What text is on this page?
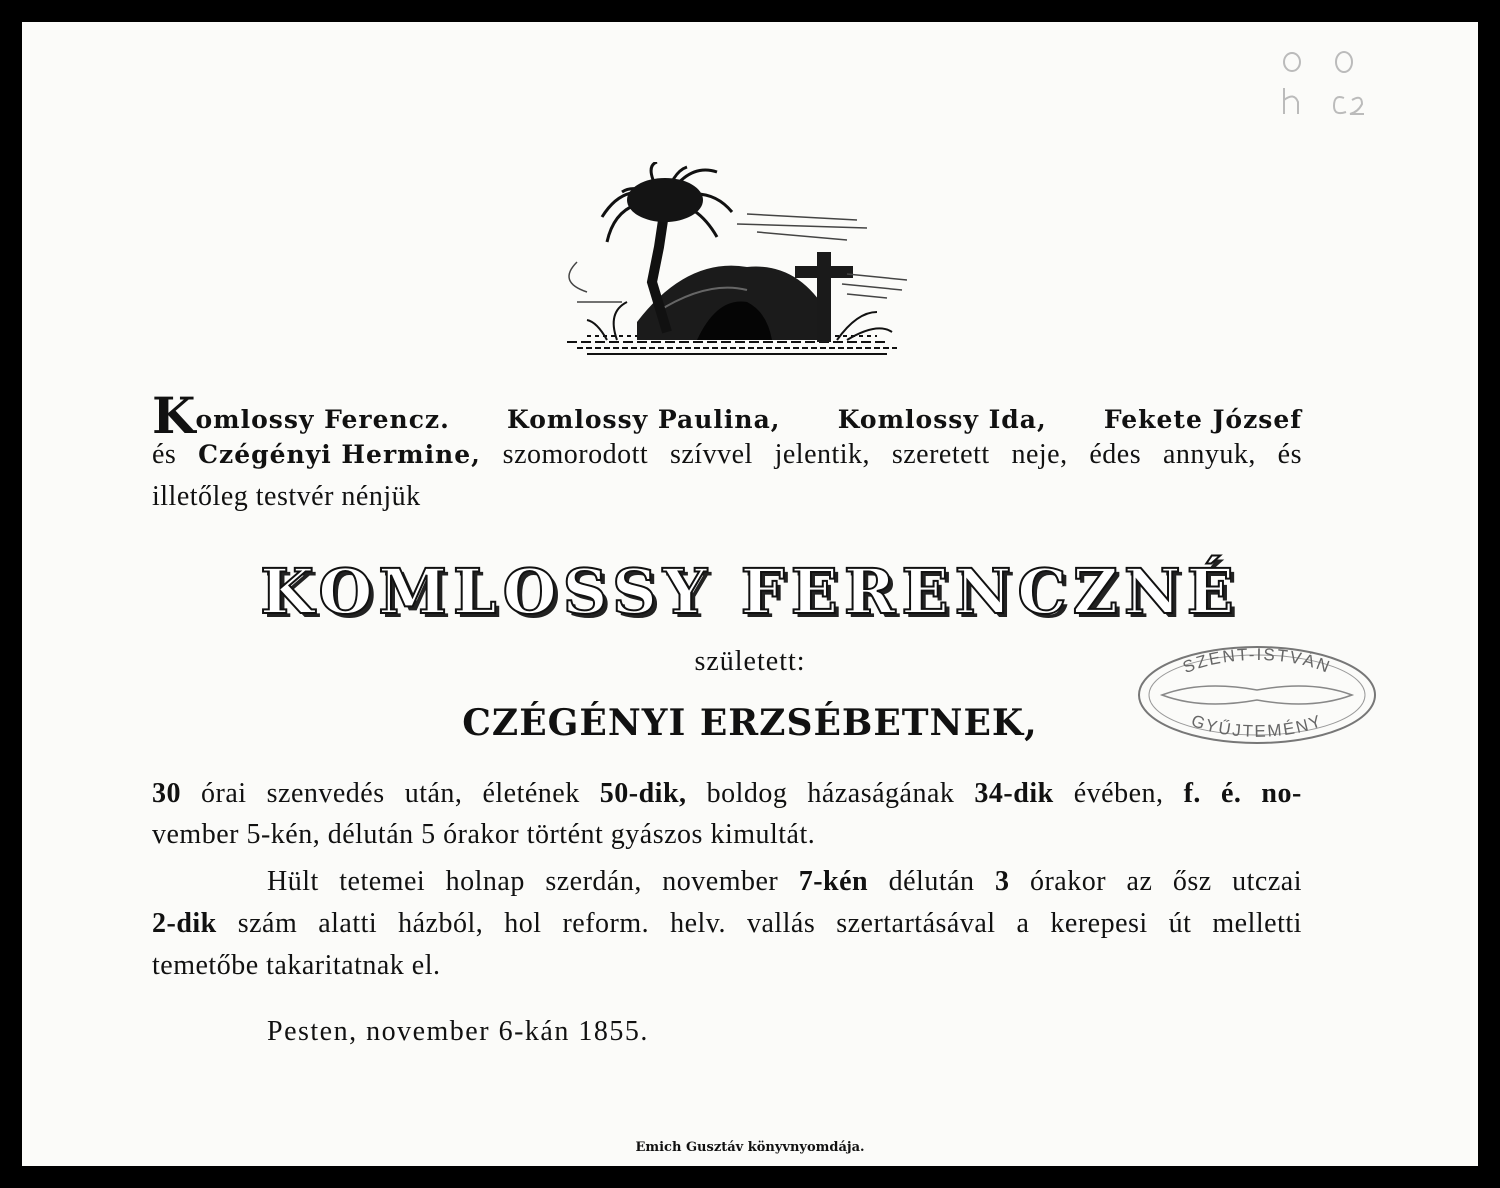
Komlossy Ferencz. Komlossy Paulina, Komlossy Ida, Fekete József
és Czégényi Hermine, szomorodott szívvel jelentik, szeretett neje, édes annyuk, és
illetőleg testvér nénjük
KOMLOSSY FERENCZNÉ
született:
CZÉGÉNYI ERZSÉBETNEK,
SZENT-ISTVÁN
GYŰJTEMÉNY
30 órai szenvedés után, életének 50-dik, boldog házaságának 34-dik évében, f. é. no-
vember 5-kén, délután 5 órakor történt gyászos kimultát.
Hült tetemei holnap szerdán, november 7-kén délután 3 órakor az ősz utczai
2-dik szám alatti házból, hol reform. helv. vallás szertartásával a kerepesi út melletti
temetőbe takaritatnak el.
Pesten, november 6-kán 1855.
Emich Gusztáv könyvnyomdája.
